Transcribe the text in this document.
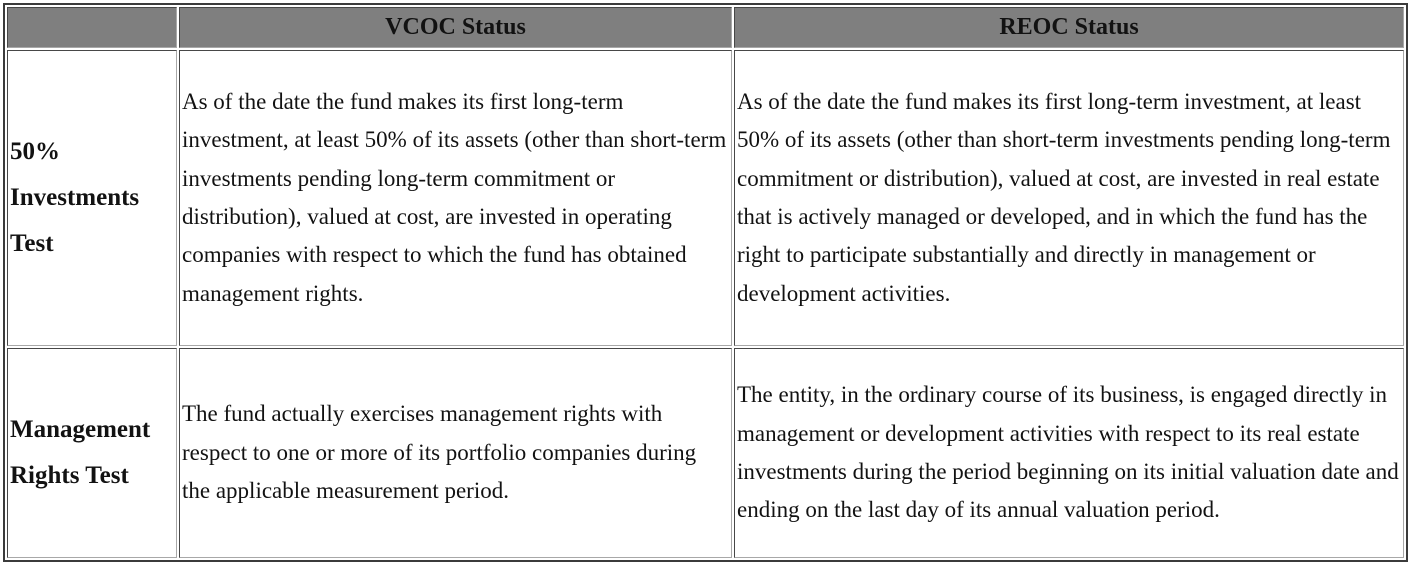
	VCOC Status	REOC Status
50% Investments Test	As of the date the fund makes its first long-term investment, at least 50% of its assets (other than short-term investments pending long-term commitment or distribution), valued at cost, are invested in operating companies with respect to which the fund has obtained management rights.	As of the date the fund makes its first long-term investment, at least 50% of its assets (other than short-term investments pending long-term commitment or distribution), valued at cost, are invested in real estate that is actively managed or developed, and in which the fund has the right to participate substantially and directly in management or development activities.
Management Rights Test	The fund actually exercises management rights with respect to one or more of its portfolio companies during the applicable measurement period.	The entity, in the ordinary course of its business, is engaged directly in management or development activities with respect to its real estate investments during the period beginning on its initial valuation date and ending on the last day of its annual valuation period.
